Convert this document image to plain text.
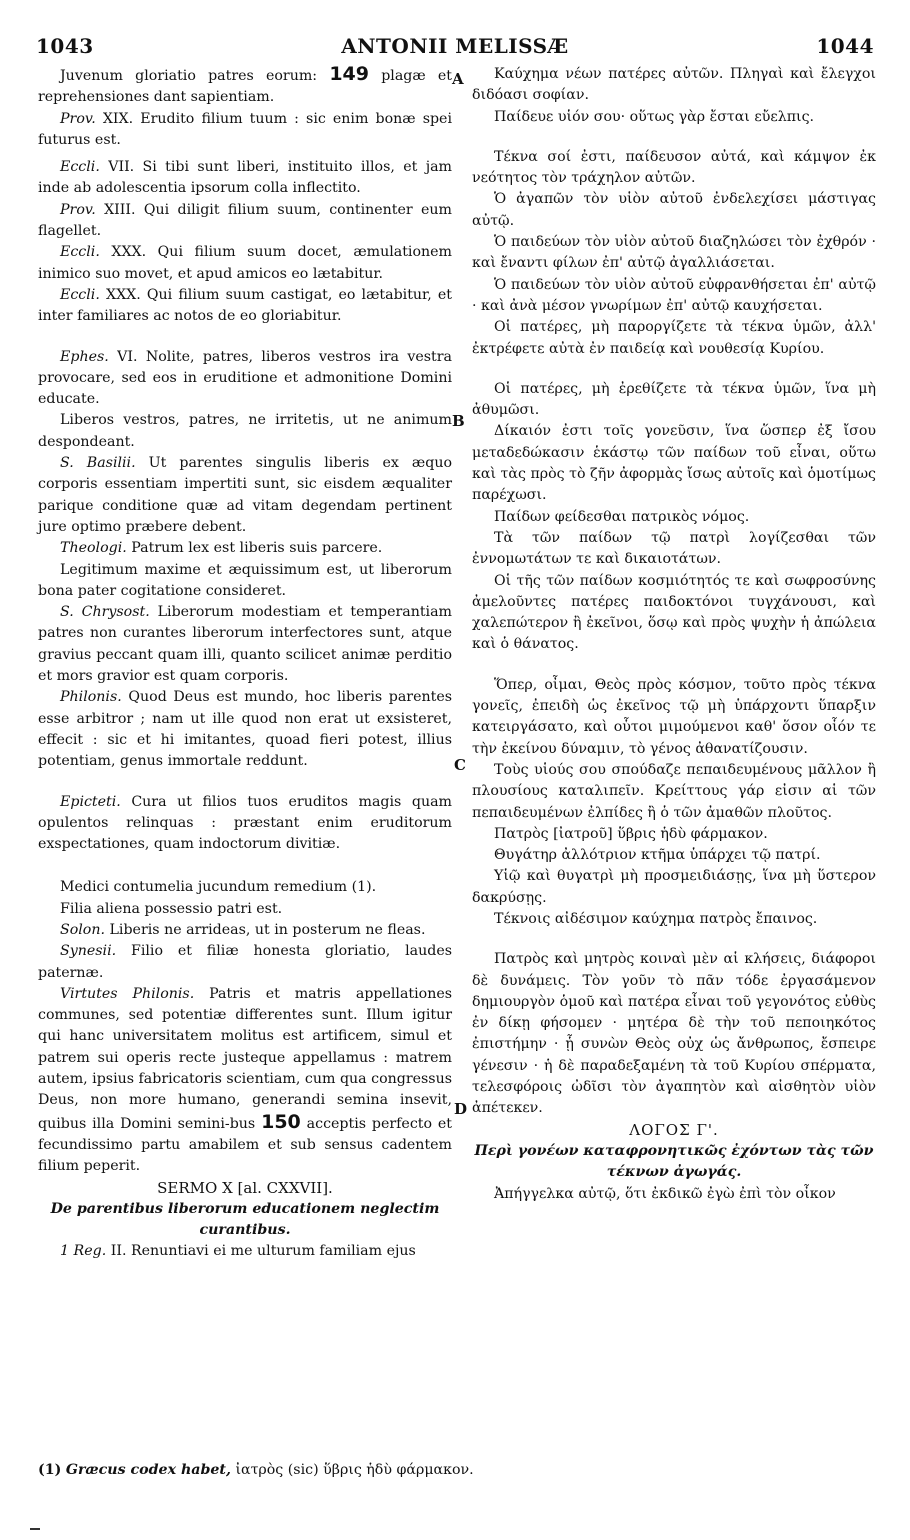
1043	ANTONII MELISSÆ	1044
A
B
C
D

Juvenum gloriatio patres eorum: 149 plagæ et reprehensiones dant sapientiam.

Prov. XIX. Erudito filium tuum : sic enim bonæ spei futurus est.

Eccli. VII. Si tibi sunt liberi, instituito illos, et jam inde ab adolescentia ipsorum colla inflectito.

Prov. XIII. Qui diligit filium suum, continenter eum flagellet.

Eccli. XXX. Qui filium suum docet, æmulationem inimico suo movet, et apud amicos eo lætabitur.

Eccli. XXX. Qui filium suum castigat, eo lætabitur, et inter familiares ac notos de eo gloriabitur.

Ephes. VI. Nolite, patres, liberos vestros ira vestra provocare, sed eos in eruditione et admonitione Domini educate.

Liberos vestros, patres, ne irritetis, ut ne animum despondeant.

S. Basilii. Ut parentes singulis liberis ex æquo corporis essentiam impertiti sunt, sic eisdem æqualiter parique conditione quæ ad vitam degendam pertinent jure optimo præbere debent.

Theologi. Patrum lex est liberis suis parcere.

Legitimum maxime et æquissimum est, ut liberorum bona pater cogitatione consideret.

S. Chrysost. Liberorum modestiam et temperantiam patres non curantes liberorum interfectores sunt, atque gravius peccant quam illi, quanto scilicet animæ perditio et mors gravior est quam corporis.

Philonis. Quod Deus est mundo, hoc liberis parentes esse arbitror ; nam ut ille quod non erat ut exsisteret, effecit : sic et hi imitantes, quoad fieri potest, illius potentiam, genus immortale reddunt.

Epicteti. Cura ut filios tuos eruditos magis quam opulentos relinquas : præstant enim eruditorum exspectationes, quam indoctorum divitiæ.

Medici contumelia jucundum remedium (1).

Filia aliena possessio patri est.

Solon. Liberis ne arrideas, ut in posterum ne fleas.

Synesii. Filio et filiæ honesta gloriatio, laudes paternæ.

Virtutes Philonis. Patris et matris appellationes communes, sed potentiæ differentes sunt. Illum igitur qui hanc universitatem molitus est artificem, simul et patrem sui operis recte justeque appellamus : matrem autem, ipsius fabricatoris scientiam, cum qua congressus Deus, non more humano, generandi semina insevit, quibus illa Domini semini-bus 150 acceptis perfecto et fecundissimo partu amabilem et sub sensus cadentem filium peperit.

SERMO X [al. CXXVII].

De parentibus liberorum educationem neglectim curantibus.

1 Reg. II. Renuntiavi ei me ulturum familiam ejus

Καύχημα νέων πατέρες αὐτῶν. Πληγαὶ καὶ ἔλεγχοι διδόασι σοφίαν.

Παίδευε υἱόν σου· οὕτως γὰρ ἔσται εὔελπις.

Τέκνα σοί ἐστι, παίδευσον αὐτά, καὶ κάμψον ἐκ νεότητος τὸν τράχηλον αὐτῶν.

Ὁ ἀγαπῶν τὸν υἱὸν αὐτοῦ ἐνδελεχίσει μάστιγας αὐτῷ.

Ὁ παιδεύων τὸν υἱὸν αὐτοῦ διαζηλώσει τὸν ἐχθρόν · καὶ ἔναντι φίλων ἐπ' αὐτῷ ἀγαλλιάσεται.

Ὁ παιδεύων τὸν υἱὸν αὐτοῦ εὐφρανθήσεται ἐπ' αὐτῷ · καὶ ἀνὰ μέσον γνωρίμων ἐπ' αὐτῷ καυχήσεται.

Οἱ πατέρες, μὴ παροργίζετε τὰ τέκνα ὑμῶν, ἀλλ' ἐκτρέφετε αὐτὰ ἐν παιδείᾳ καὶ νουθεσίᾳ Κυρίου.

Οἱ πατέρες, μὴ ἐρεθίζετε τὰ τέκνα ὑμῶν, ἵνα μὴ ἀθυμῶσι.

Δίκαιόν ἐστι τοῖς γονεῦσιν, ἵνα ὥσπερ ἐξ ἴσου μεταδεδώκασιν ἑκάστῳ τῶν παίδων τοῦ εἶναι, οὕτω καὶ τὰς πρὸς τὸ ζῆν ἀφορμὰς ἴσως αὐτοῖς καὶ ὁμοτίμως παρέχωσι.

Παίδων φείδεσθαι πατρικὸς νόμος.

Τὰ τῶν παίδων τῷ πατρὶ λογίζεσθαι τῶν ἐννομωτάτων τε καὶ δικαιοτάτων.

Οἱ τῆς τῶν παίδων κοσμιότητός τε καὶ σωφροσύνης ἀμελοῦντες πατέρες παιδοκτόνοι τυγχάνουσι, καὶ χαλεπώτερον ἢ ἐκεῖνοι, ὅσῳ καὶ πρὸς ψυχὴν ἡ ἀπώλεια καὶ ὁ θάνατος.

Ὅπερ, οἶμαι, Θεὸς πρὸς κόσμον, τοῦτο πρὸς τέκνα γονεῖς, ἐπειδὴ ὡς ἐκεῖνος τῷ μὴ ὑπάρχοντι ὕπαρξιν κατειργάσατο, καὶ οὗτοι μιμούμενοι καθ' ὅσον οἷόν τε τὴν ἐκείνου δύναμιν, τὸ γένος ἀθανατίζουσιν.

Τοὺς υἱούς σου σπούδαζε πεπαιδευμένους μᾶλλον ἢ πλουσίους καταλιπεῖν. Κρείττους γάρ εἰσιν αἱ τῶν πεπαιδευμένων ἐλπίδες ἢ ὁ τῶν ἀμαθῶν πλοῦτος.

Πατρὸς [ἰατροῦ] ὕβρις ἡδὺ φάρμακον.

Θυγάτηρ ἀλλότριον κτῆμα ὑπάρχει τῷ πατρί.

Υἱῷ καὶ θυγατρὶ μὴ προσμειδιάσῃς, ἵνα μὴ ὕστερον δακρύσῃς.

Τέκνοις αἰδέσιμον καύχημα πατρὸς ἔπαινος.

Πατρὸς καὶ μητρὸς κοιναὶ μὲν αἱ κλήσεις, διάφοροι δὲ δυνάμεις. Τὸν γοῦν τὸ πᾶν τόδε ἐργασάμενον δημιουργὸν ὁμοῦ καὶ πατέρα εἶναι τοῦ γεγονότος εὐθὺς ἐν δίκῃ φήσομεν · μητέρα δὲ τὴν τοῦ πεποιηκότος ἐπιστήμην · ᾗ συνὼν Θεὸς οὐχ ὡς ἄνθρωπος, ἔσπειρε γένεσιν · ἡ δὲ παραδεξαμένη τὰ τοῦ Κυρίου σπέρματα, τελεσφόροις ὠδῖσι τὸν ἀγαπητὸν καὶ αἰσθητὸν υἱὸν ἀπέτεκεν.

ΛΟΓΟΣ Γ'.

Περὶ γονέων καταφρονητικῶς ἐχόντων τὰς τῶν τέκνων ἀγωγάς.

Ἀπήγγελκα αὐτῷ, ὅτι ἐκδικῶ ἐγὼ ἐπὶ τὸν οἶκον

(1) Græcus codex habet, ἰατρὸς (sic) ὕβρις ἡδὺ φάρμακον.
